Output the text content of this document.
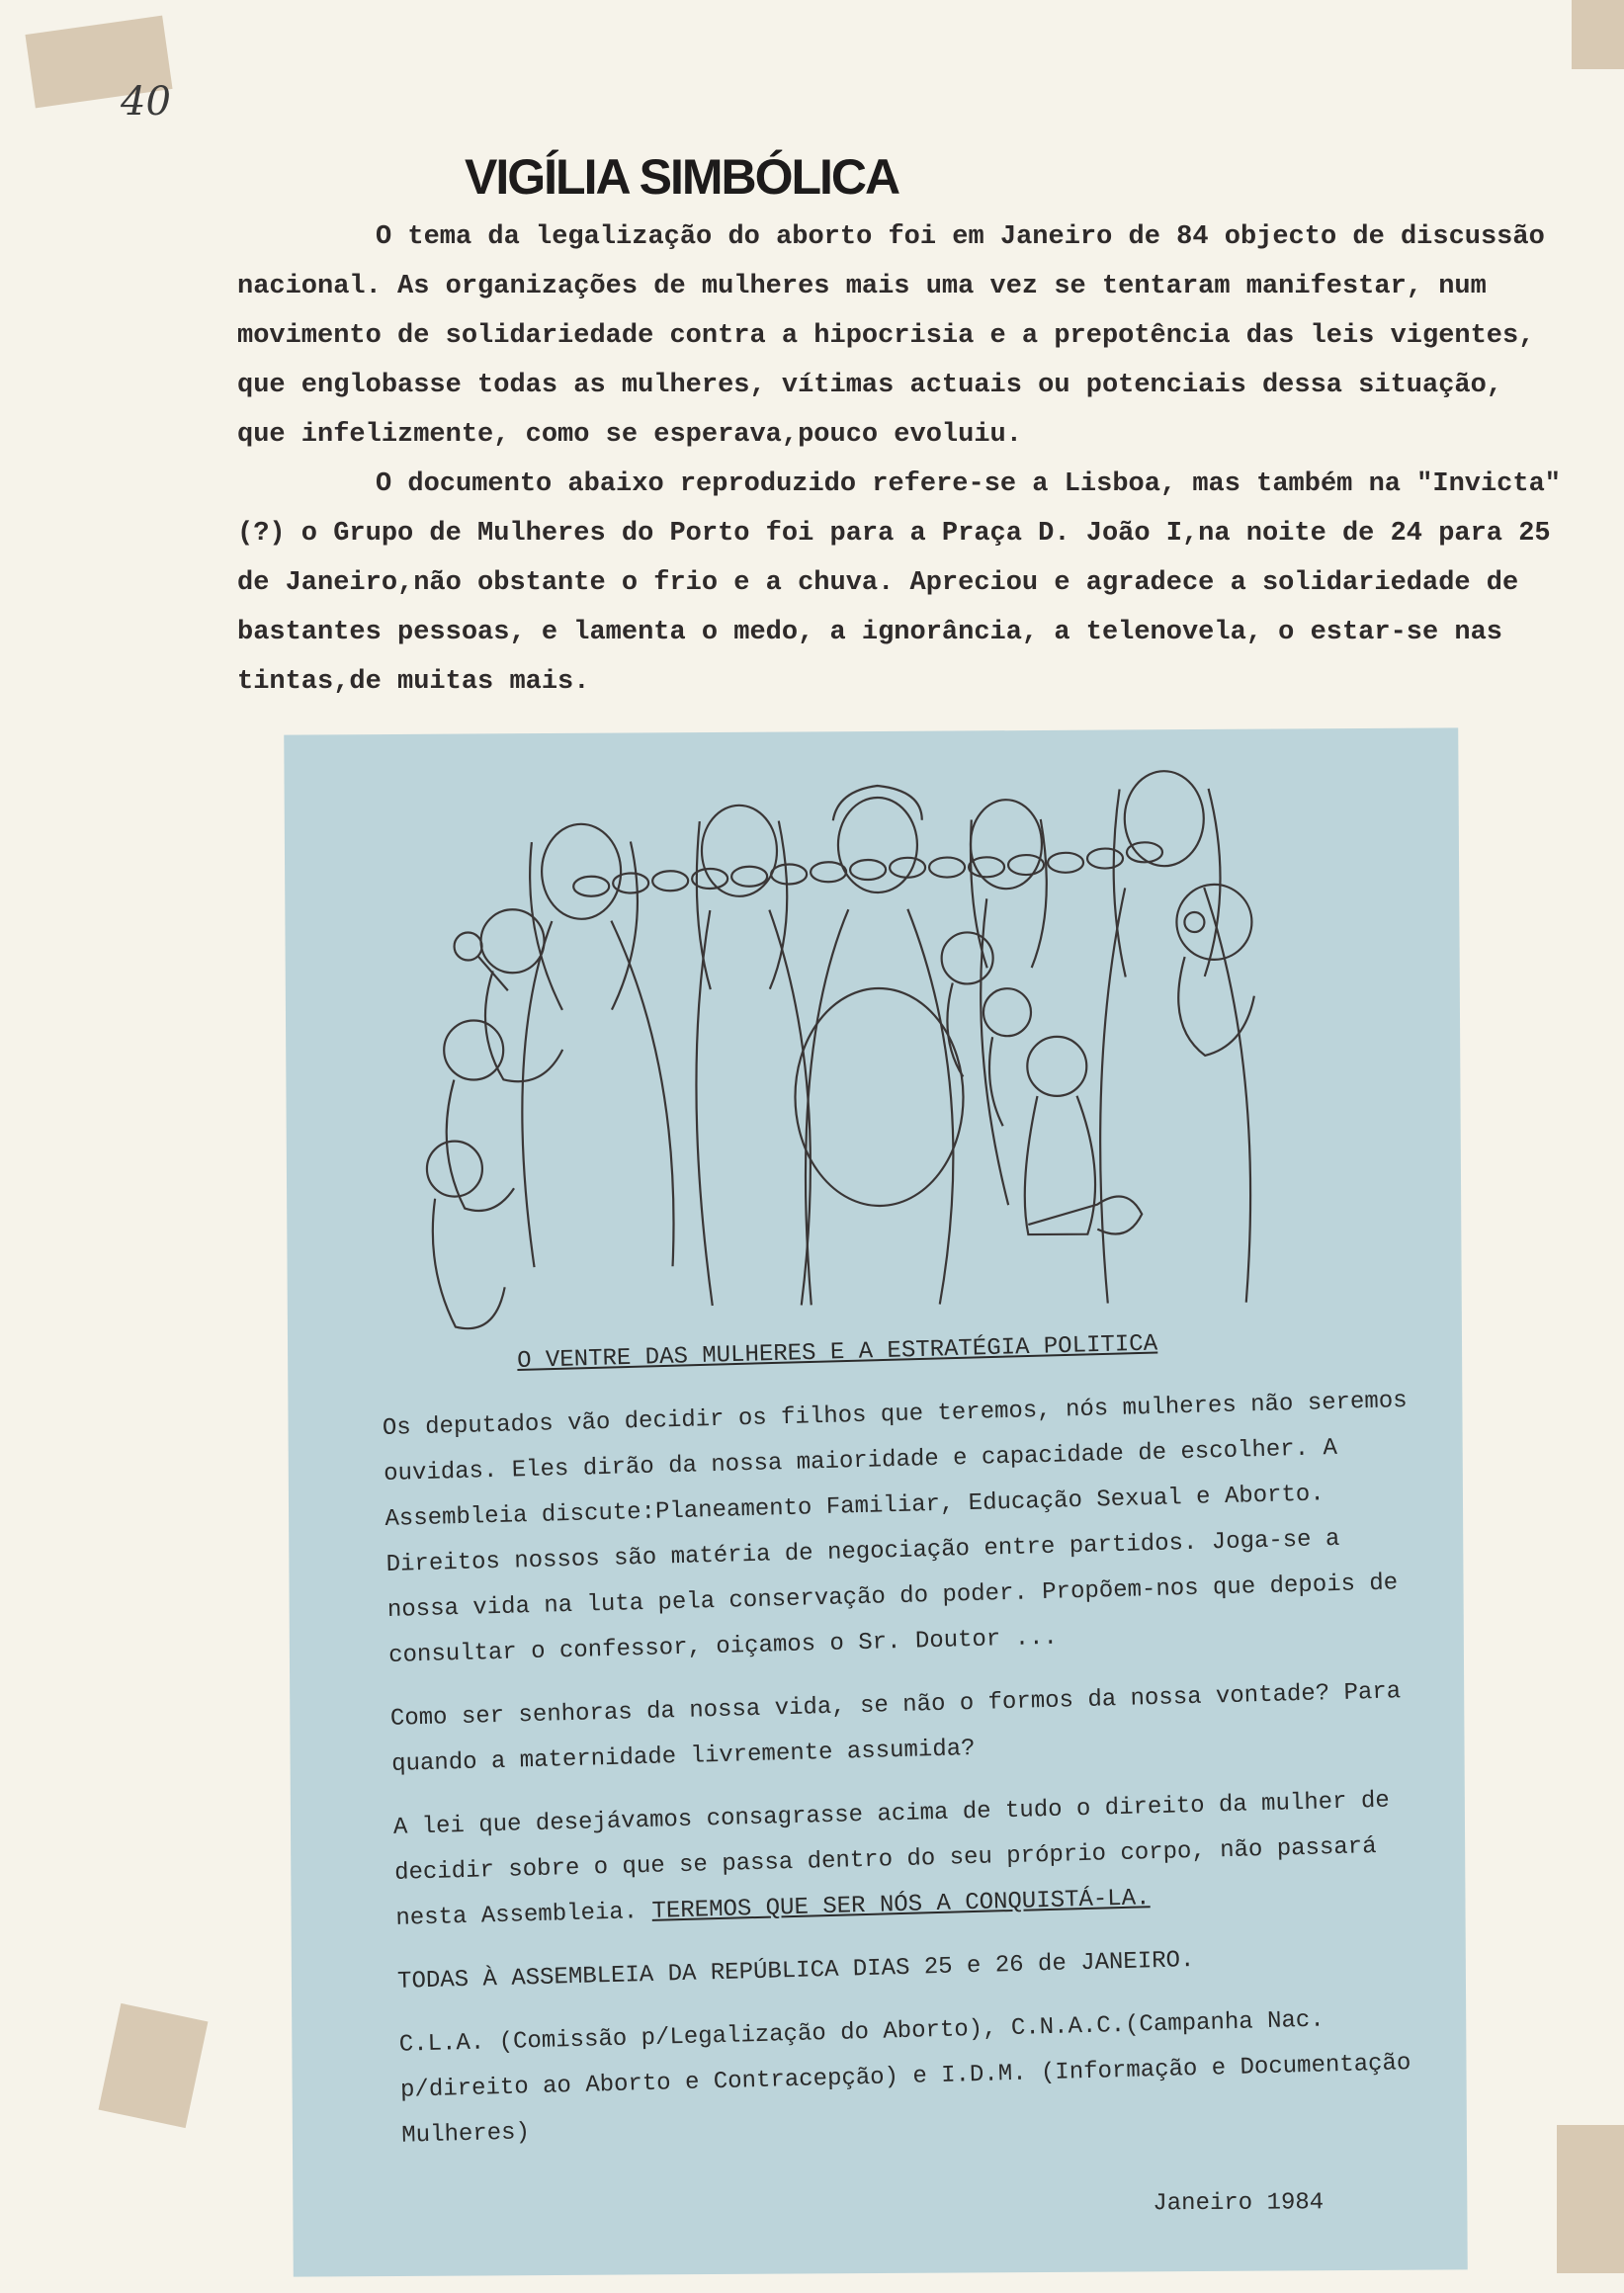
40
VIGÍLIA SIMBÓLICA

O tema da legalização do aborto foi em Janeiro de 84 objecto de discussão nacional. As organizações de mulheres mais uma vez se tentaram manifestar, num movimento de solidariedade contra a hipocrisia e a prepotência das leis vigentes, que englobasse todas as mulheres, vítimas actuais ou potenciais dessa situação, que infelizmente, como se esperava,pouco evoluiu.

O documento abaixo reproduzido refere-se a Lisboa, mas também na "Invicta"(?) o Grupo de Mulheres do Porto foi para a Praça D. João I,na noite de 24 para 25 de Janeiro,não obstante o frio e a chuva. Apreciou e agradece a solidariedade de bastantes pessoas, e lamenta o medo, a ignorância, a telenovela, o estar-se nas tintas,de muitas mais.

O VENTRE DAS MULHERES E A ESTRATÉGIA POLITICA

Os deputados vão decidir os filhos que teremos, nós mulheres não seremos ouvidas. Eles dirão da nossa maioridade e capacidade de escolher. A Assembleia discute:Planeamento Familiar, Educação Sexual e Aborto. Direitos nossos são matéria de negociação entre partidos. Joga-se a nossa vida na luta pela conservação do poder. Propõem-nos que depois de consultar o confessor, oiçamos o Sr. Doutor ...

Como ser senhoras da nossa vida, se não o formos da nossa vontade? Para quando a maternidade livremente assumida?

A lei que desejávamos consagrasse acima de tudo o direito da mulher de decidir sobre o que se passa dentro do seu próprio corpo, não passará nesta Assembleia. TEREMOS QUE SER NÓS A CONQUISTÁ-LA.

TODAS À ASSEMBLEIA DA REPÚBLICA DIAS 25 e 26 de JANEIRO.

C.L.A. (Comissão p/Legalização do Aborto), C.N.A.C.(Campanha Nac. p/direito ao Aborto e Contracepção) e I.D.M. (Informação e Documentação Mulheres)

Janeiro 1984
